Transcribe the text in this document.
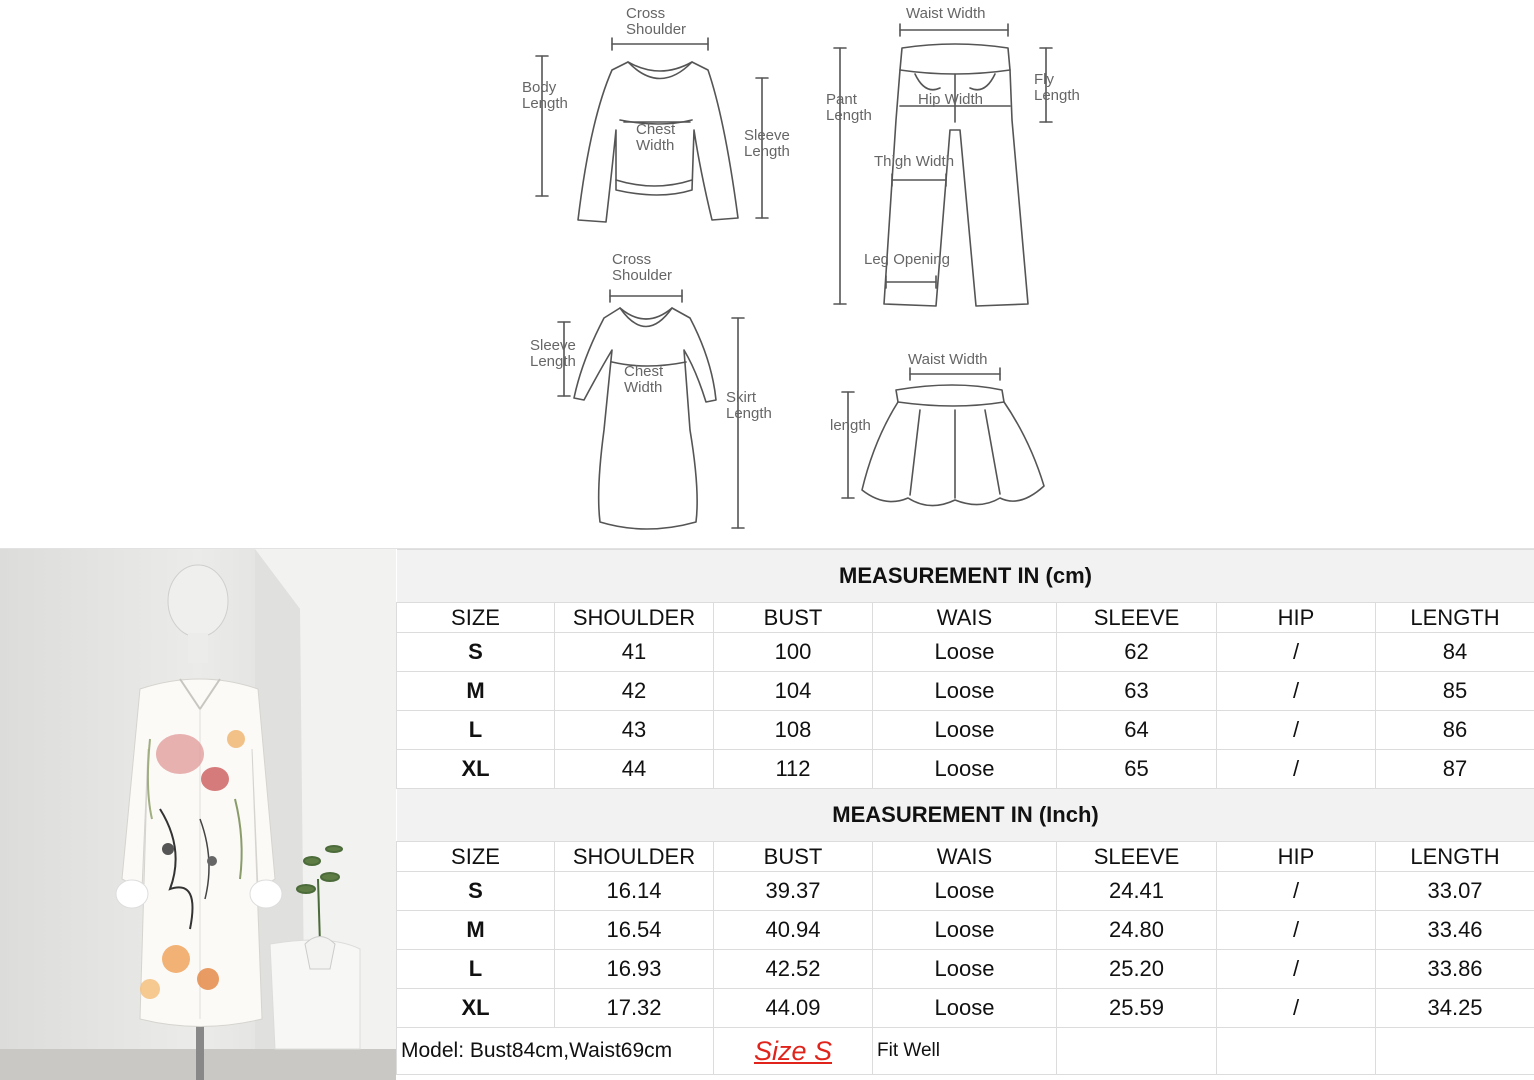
Cross
Shoulder
Body
Length
Chest
Width
Sleeve
Length
Waist Width
Pant
Length
Hip Width
Fly
Length
Thigh Width
Leg Opening
Cross
Shoulder
Sleeve
Length
Chest
Width
Skirt
Length
Waist Width
length
MEASUREMENT IN (cm)						
SIZE	SHOULDER	BUST	WAIS	SLEEVE	HIP	LENGTH
S	41	100	Loose	62	/	84
M	42	104	Loose	63	/	85
L	43	108	Loose	64	/	86
XL	44	112	Loose	65	/	87
MEASUREMENT IN (Inch)						
SIZE	SHOULDER	BUST	WAIS	SLEEVE	HIP	LENGTH
S	16.14	39.37	Loose	24.41	/	33.07
M	16.54	40.94	Loose	24.80	/	33.46
L	16.93	42.52	Loose	25.20	/	33.86
XL	17.32	44.09	Loose	25.59	/	34.25
Model: Bust84cm,Waist69cm		Size S	Fit Well			
